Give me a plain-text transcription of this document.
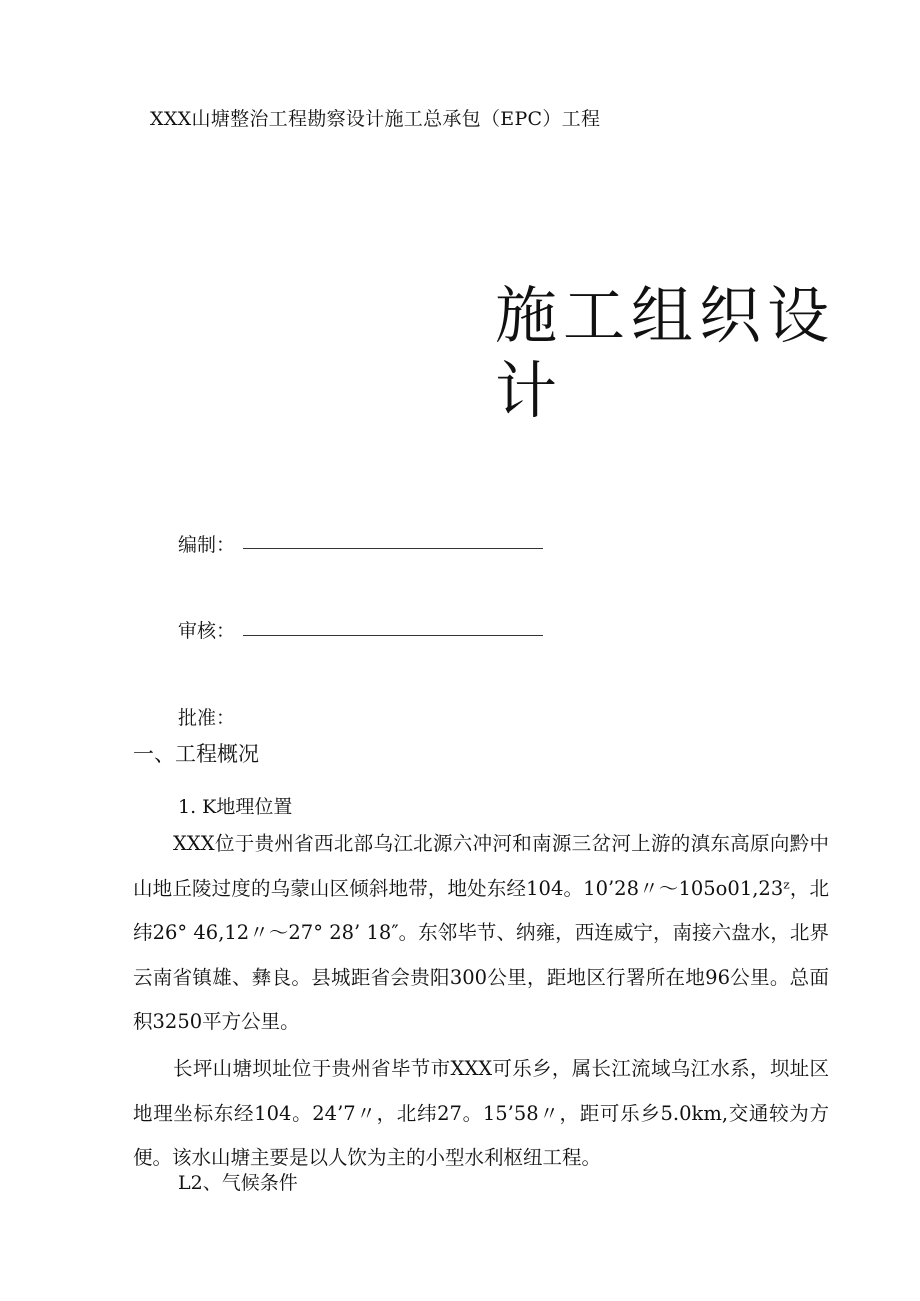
XXX山塘整治工程勘察设计施工总承包（EPC）工程
施工组织设
计
编制：
审核：
批准：
一、工程概况
1. K地理位置
XXX位于贵州省西北部乌江北源六冲河和南源三岔河上游的滇东高原向黔中山地丘陵过度的乌蒙山区倾斜地带，地处东经104。10’28〃～105o01,23ᶻ，北纬26° 46,12〃～27° 28’ 18″。东邻毕节、纳雍，西连威宁，南接六盘水，北界云南省镇雄、彝良。县城距省会贵阳300公里，距地区行署所在地96公里。总面积3250平方公里。
长坪山塘坝址位于贵州省毕节市XXX可乐乡，属长江流域乌江水系，坝址区地理坐标东经104。24’7〃，北纬27。15’58〃，距可乐乡5.0km,交通较为方便。该水山塘主要是以人饮为主的小型水利枢纽工程。
L2、气候条件
